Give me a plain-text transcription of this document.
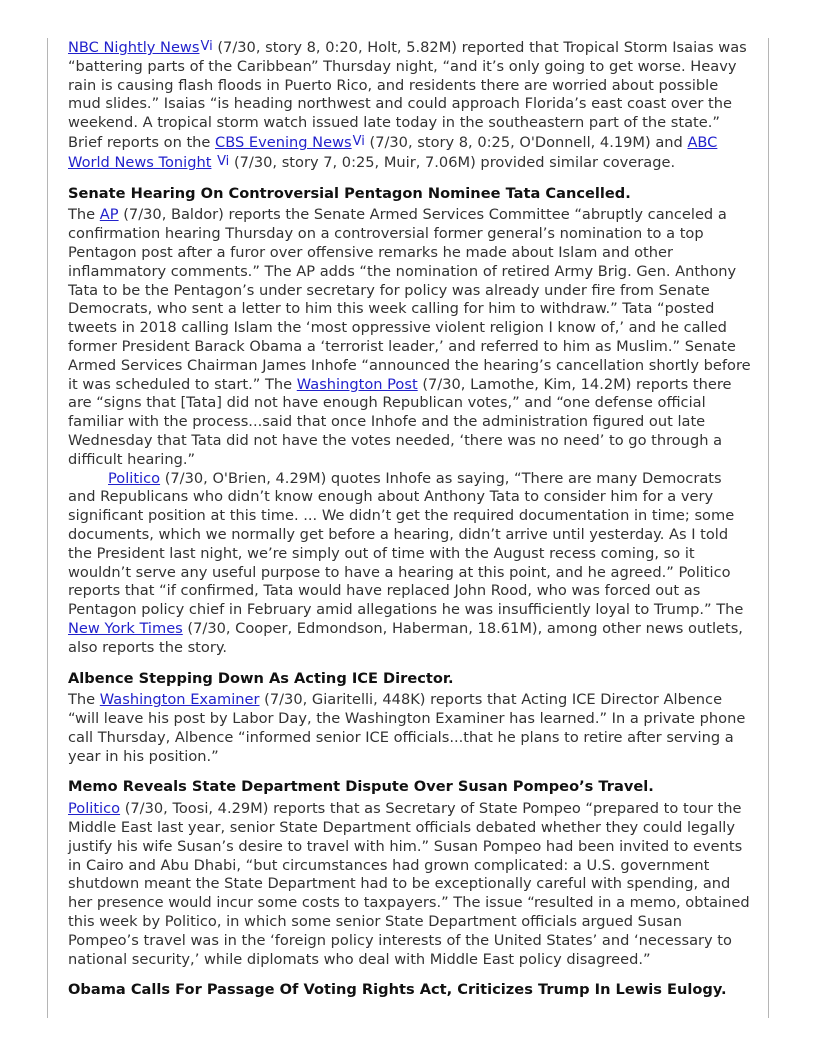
NBC Nightly NewsVi (7/30, story 8, 0:20, Holt, 5.82M) reported that Tropical Storm Isaias was “battering parts of the Caribbean” Thursday night, “and it’s only going to get worse. Heavy rain is causing flash floods in Puerto Rico, and residents there are worried about possible mud slides.” Isaias “is heading northwest and could approach Florida’s east coast over the weekend. A tropical storm watch issued late today in the southeastern part of the state.” Brief reports on the CBS Evening NewsVi (7/30, story 8, 0:25, O'Donnell, 4.19M) and ABC World News Tonight Vi (7/30, story 7, 0:25, Muir, 7.06M) provided similar coverage.

Senate Hearing On Controversial Pentagon Nominee Tata Cancelled.

The AP (7/30, Baldor) reports the Senate Armed Services Committee “abruptly canceled a confirmation hearing Thursday on a controversial former general’s nomination to a top Pentagon post after a furor over offensive remarks he made about Islam and other inflammatory comments.” The AP adds “the nomination of retired Army Brig. Gen. Anthony Tata to be the Pentagon’s under secretary for policy was already under fire from Senate Democrats, who sent a letter to him this week calling for him to withdraw.” Tata “posted tweets in 2018 calling Islam the ‘most oppressive violent religion I know of,’ and he called former President Barack Obama a ‘terrorist leader,’ and referred to him as Muslim.” Senate Armed Services Chairman James Inhofe “announced the hearing’s cancellation shortly before it was scheduled to start.” The Washington Post (7/30, Lamothe, Kim, 14.2M) reports there are “signs that [Tata] did not have enough Republican votes,” and “one defense official familiar with the process...said that once Inhofe and the administration figured out late Wednesday that Tata did not have the votes needed, ‘there was no need’ to go through a difficult hearing.”

Politico (7/30, O'Brien, 4.29M) quotes Inhofe as saying, “There are many Democrats and Republicans who didn’t know enough about Anthony Tata to consider him for a very significant position at this time. ... We didn’t get the required documentation in time; some documents, which we normally get before a hearing, didn’t arrive until yesterday. As I told the President last night, we’re simply out of time with the August recess coming, so it wouldn’t serve any useful purpose to have a hearing at this point, and he agreed.” Politico reports that “if confirmed, Tata would have replaced John Rood, who was forced out as Pentagon policy chief in February amid allegations he was insufficiently loyal to Trump.” The New York Times (7/30, Cooper, Edmondson, Haberman, 18.61M), among other news outlets, also reports the story.

Albence Stepping Down As Acting ICE Director.

The Washington Examiner (7/30, Giaritelli, 448K) reports that Acting ICE Director Albence “will leave his post by Labor Day, the Washington Examiner has learned.” In a private phone call Thursday, Albence “informed senior ICE officials...that he plans to retire after serving a year in his position.”

Memo Reveals State Department Dispute Over Susan Pompeo’s Travel.

Politico (7/30, Toosi, 4.29M) reports that as Secretary of State Pompeo “prepared to tour the Middle East last year, senior State Department officials debated whether they could legally justify his wife Susan’s desire to travel with him.” Susan Pompeo had been invited to events in Cairo and Abu Dhabi, “but circumstances had grown complicated: a U.S. government shutdown meant the State Department had to be exceptionally careful with spending, and her presence would incur some costs to taxpayers.” The issue “resulted in a memo, obtained this week by Politico, in which some senior State Department officials argued Susan Pompeo’s travel was in the ‘foreign policy interests of the United States’ and ‘necessary to national security,’ while diplomats who deal with Middle East policy disagreed.”

Obama Calls For Passage Of Voting Rights Act, Criticizes Trump In Lewis Eulogy.
